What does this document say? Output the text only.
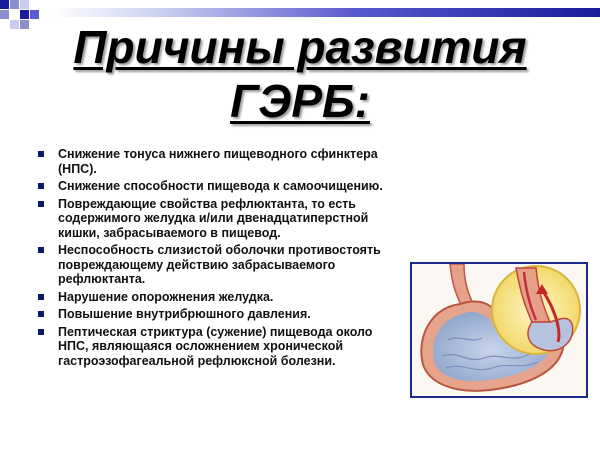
Причины развития
ГЭРБ:
Снижение тонуса нижнего пищеводного сфинктера (НПС).
Снижение способности пищевода к самоочищению.
Повреждающие свойства рефлюктанта, то есть содержимого желудка и/или двенадцатиперстной кишки, забрасываемого в пищевод.
Неспособность слизистой оболочки противостоять повреждающему действию забрасываемого рефлюктанта.
Нарушение опорожнения желудка.
Повышение внутрибрюшного давления.
Пептическая стриктура (сужение) пищевода около НПС, являющаяся осложнением хронической гастроэзофагеальной рефлюксной болезни.
